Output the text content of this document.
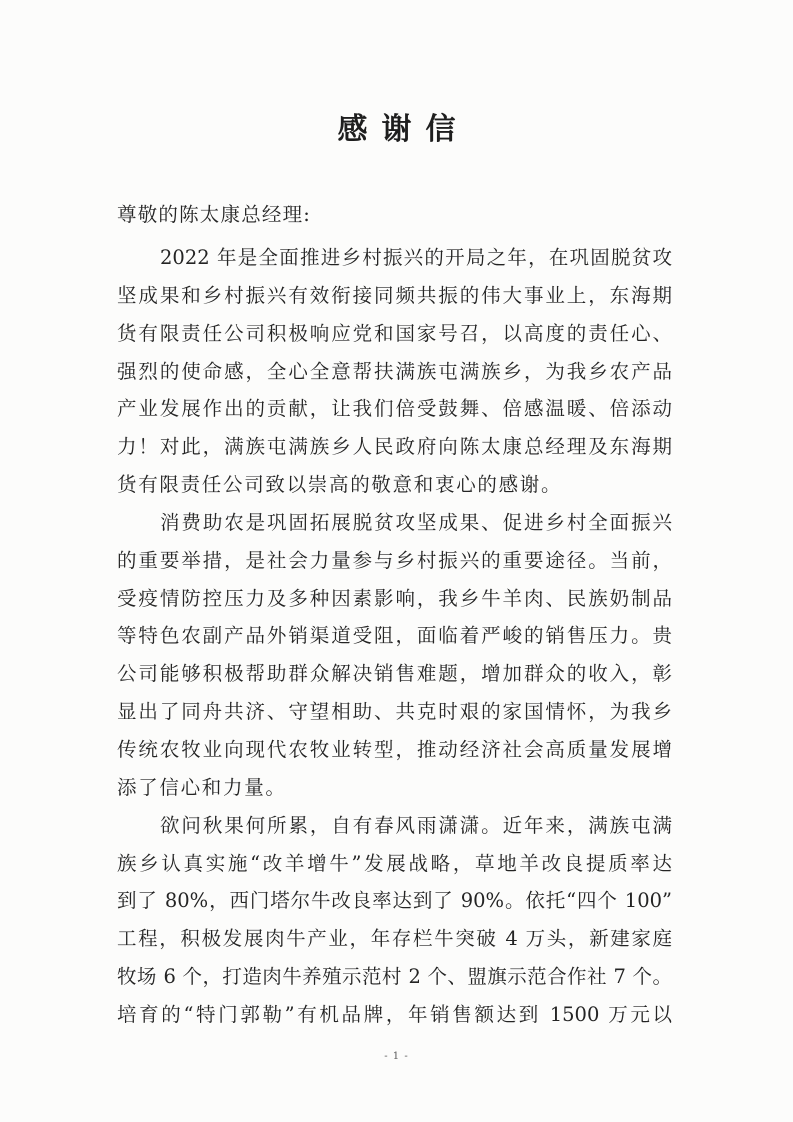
感谢信
尊敬的陈太康总经理:
2022 年是全面推进乡村振兴的开局之年，在巩固脱贫攻
坚成果和乡村振兴有效衔接同频共振的伟大事业上，东海期
货有限责任公司积极响应党和国家号召，以高度的责任心、
强烈的使命感，全心全意帮扶满族屯满族乡，为我乡农产品
产业发展作出的贡献，让我们倍受鼓舞、倍感温暖、倍添动
力！对此，满族屯满族乡人民政府向陈太康总经理及东海期
货有限责任公司致以崇高的敬意和衷心的感谢。
消费助农是巩固拓展脱贫攻坚成果、促进乡村全面振兴
的重要举措，是社会力量参与乡村振兴的重要途径。当前，
受疫情防控压力及多种因素影响，我乡牛羊肉、民族奶制品
等特色农副产品外销渠道受阻，面临着严峻的销售压力。贵
公司能够积极帮助群众解决销售难题，增加群众的收入，彰
显出了同舟共济、守望相助、共克时艰的家国情怀，为我乡
传统农牧业向现代农牧业转型，推动经济社会高质量发展增
添了信心和力量。
欲问秋果何所累，自有春风雨潇潇。近年来，满族屯满
族乡认真实施“改羊增牛”发展战略，草地羊改良提质率达
到了 80%，西门塔尔牛改良率达到了 90%。依托“四个 100”
工程，积极发展肉牛产业，年存栏牛突破 4 万头，新建家庭
牧场 6 个，打造肉牛养殖示范村 2 个、盟旗示范合作社 7 个。
培育的“特门郭勒”有机品牌，年销售额达到 1500 万元以
- 1 -
